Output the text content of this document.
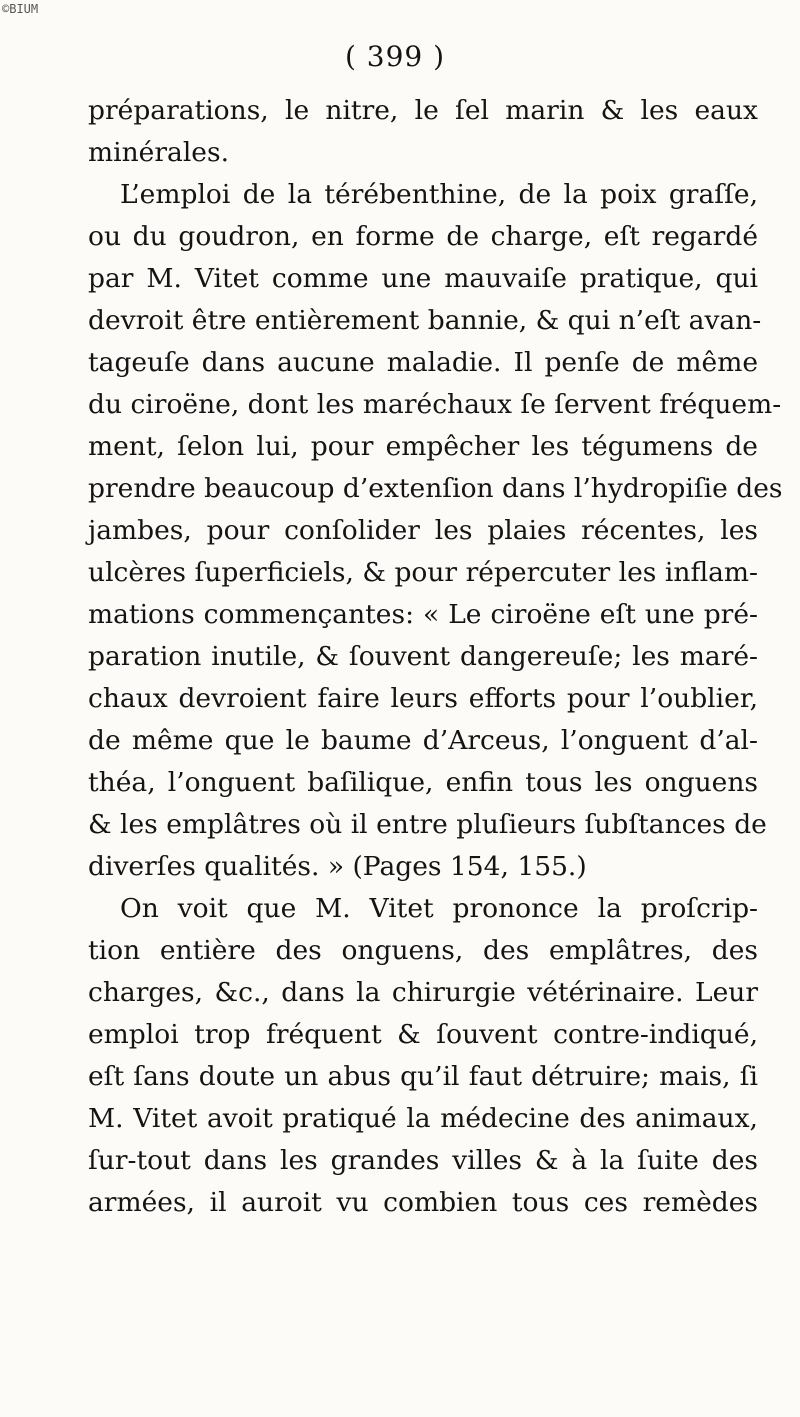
©BIUM
( 399 )
préparations, le nitre, le ſel marin & les eaux
minérales.
L’emploi de la térébenthine, de la poix graſſe,
ou du goudron, en forme de charge, eſt regardé
par M. Vitet comme une mauvaiſe pratique, qui
devroit être entièrement bannie, & qui n’eſt avan-
tageuſe dans aucune maladie. Il penſe de même
du ciroëne, dont les maréchaux ſe ſervent fréquem-
ment, ſelon lui, pour empêcher les tégumens de
prendre beaucoup d’extenſion dans l’hydropiſie des
jambes, pour conſolider les plaies récentes, les
ulcères ſuperficiels, & pour répercuter les inflam-
mations commençantes: « Le ciroëne eſt une pré-
paration inutile, & ſouvent dangereuſe; les maré-
chaux devroient faire leurs efforts pour l’oublier,
de même que le baume d’Arceus, l’onguent d’al-
théa, l’onguent baſilique, enfin tous les onguens
& les emplâtres où il entre pluſieurs ſubſtances de
diverſes qualités. » (Pages 154, 155.)
On voit que M. Vitet prononce la proſcrip-
tion entière des onguens, des emplâtres, des
charges, &c., dans la chirurgie vétérinaire. Leur
emploi trop fréquent & ſouvent contre-indiqué,
eſt ſans doute un abus qu’il faut détruire; mais, ſi
M. Vitet avoit pratiqué la médecine des animaux,
ſur-tout dans les grandes villes & à la ſuite des
armées, il auroit vu combien tous ces remèdes
